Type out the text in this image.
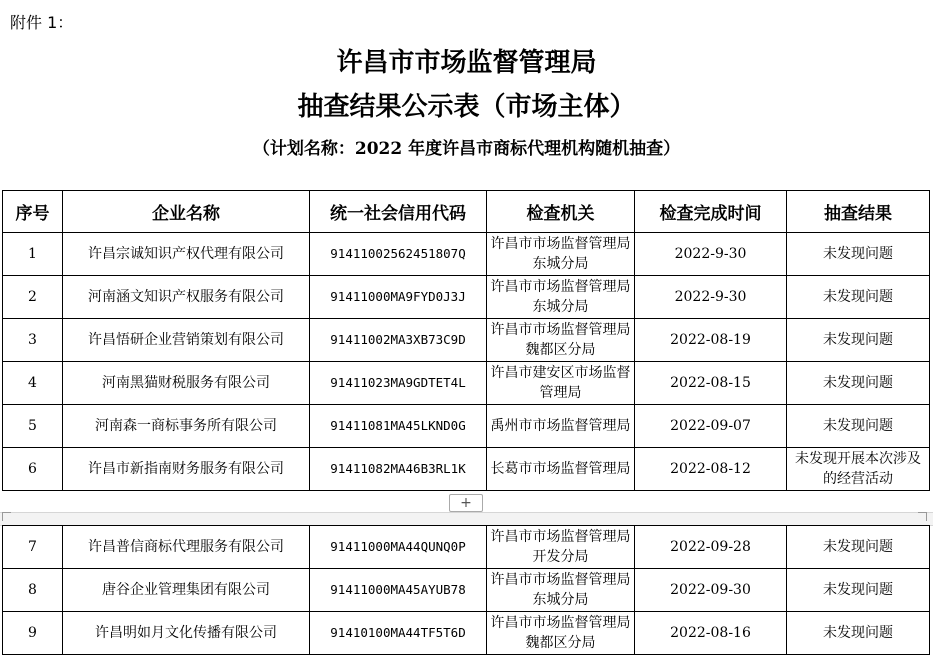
附件 1：
许昌市市场监督管理局
抽查结果公示表（市场主体）
（计划名称：2022 年度许昌市商标代理机构随机抽查）
序号	企业名称	统一社会信用代码	检查机关	检查完成时间	抽查结果
1	许昌宗诚知识产权代理有限公司	91411002562451807Q	许昌市市场监督管理局东城分局	2022-9-30	未发现问题
2	河南涵文知识产权服务有限公司	91411000MA9FYD0J3J	许昌市市场监督管理局东城分局	2022-9-30	未发现问题
3	许昌悟研企业营销策划有限公司	91411002MA3XB73C9D	许昌市市场监督管理局魏都区分局	2022-08-19	未发现问题
4	河南黑猫财税服务有限公司	91411023MA9GDTET4L	许昌市建安区市场监督管理局	2022-08-15	未发现问题
5	河南森一商标事务所有限公司	91411081MA45LKND0G	禹州市市场监督管理局	2022-09-07	未发现问题
6	许昌市新指南财务服务有限公司	91411082MA46B3RL1K	长葛市市场监督管理局	2022-08-12	未发现开展本次涉及的经营活动
+
7	许昌普信商标代理服务有限公司	91411000MA44QUNQ0P	许昌市市场监督管理局开发分局	2022-09-28	未发现问题
8	唐谷企业管理集团有限公司	91411000MA45AYUB78	许昌市市场监督管理局东城分局	2022-09-30	未发现问题
9	许昌明如月文化传播有限公司	91410100MA44TF5T6D	许昌市市场监督管理局魏都区分局	2022-08-16	未发现问题
